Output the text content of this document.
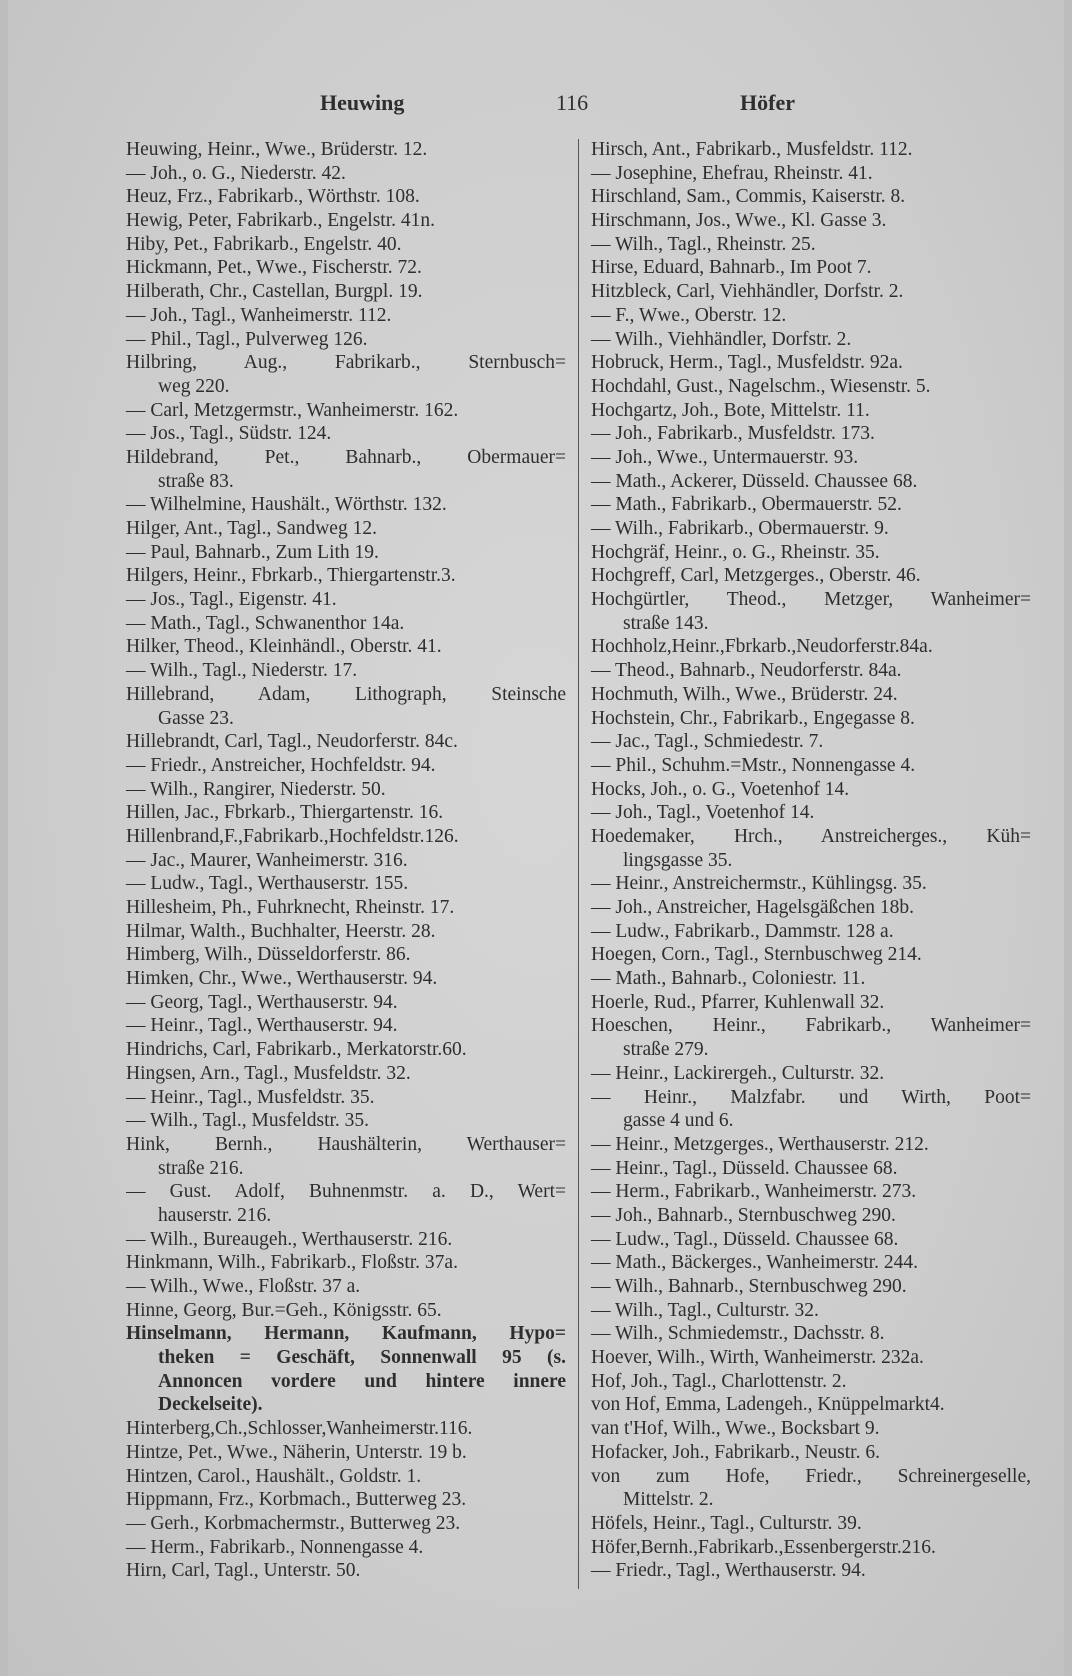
Heuwing	116	Höfer
Heuwing, Heinr., Wwe., Brüderstr. 12.
— Joh., o. G., Niederstr. 42.
Heuz, Frz., Fabrikarb., Wörthstr. 108.
Hewig, Peter, Fabrikarb., Engelstr. 41n.
Hiby, Pet., Fabrikarb., Engelstr. 40.
Hickmann, Pet., Wwe., Fischerstr. 72.
Hilberath, Chr., Castellan, Burgpl. 19.
— Joh., Tagl., Wanheimerstr. 112.
— Phil., Tagl., Pulverweg 126.
Hilbring, Aug., Fabrikarb., Sternbusch=
weg 220.
— Carl, Metzgermstr., Wanheimerstr. 162.
— Jos., Tagl., Südstr. 124.
Hildebrand, Pet., Bahnarb., Obermauer=
straße 83.
— Wilhelmine, Haushält., Wörthstr. 132.
Hilger, Ant., Tagl., Sandweg 12.
— Paul, Bahnarb., Zum Lith 19.
Hilgers, Heinr., Fbrkarb., Thiergartenstr.3.
— Jos., Tagl., Eigenstr. 41.
— Math., Tagl., Schwanenthor 14a.
Hilker, Theod., Kleinhändl., Oberstr. 41.
— Wilh., Tagl., Niederstr. 17.
Hillebrand, Adam, Lithograph, Steinsche
Gasse 23.
Hillebrandt, Carl, Tagl., Neudorferstr. 84c.
— Friedr., Anstreicher, Hochfeldstr. 94.
— Wilh., Rangirer, Niederstr. 50.
Hillen, Jac., Fbrkarb., Thiergartenstr. 16.
Hillenbrand,F.,Fabrikarb.,Hochfeldstr.126.
— Jac., Maurer, Wanheimerstr. 316.
— Ludw., Tagl., Werthauserstr. 155.
Hillesheim, Ph., Fuhrknecht, Rheinstr. 17.
Hilmar, Walth., Buchhalter, Heerstr. 28.
Himberg, Wilh., Düsseldorferstr. 86.
Himken, Chr., Wwe., Werthauserstr. 94.
— Georg, Tagl., Werthauserstr. 94.
— Heinr., Tagl., Werthauserstr. 94.
Hindrichs, Carl, Fabrikarb., Merkatorstr.60.
Hingsen, Arn., Tagl., Musfeldstr. 32.
— Heinr., Tagl., Musfeldstr. 35.
— Wilh., Tagl., Musfeldstr. 35.
Hink, Bernh., Haushälterin, Werthauser=
straße 216.
— Gust. Adolf, Buhnenmstr. a. D., Wert=
hauserstr. 216.
— Wilh., Bureaugeh., Werthauserstr. 216.
Hinkmann, Wilh., Fabrikarb., Floßstr. 37a.
— Wilh., Wwe., Floßstr. 37 a.
Hinne, Georg, Bur.=Geh., Königsstr. 65.
Hinselmann, Hermann, Kaufmann, Hypo=
theken = Geschäft, Sonnenwall 95 (s.
Annoncen vordere und hintere innere
Deckelseite).
Hinterberg,Ch.,Schlosser,Wanheimerstr.116.
Hintze, Pet., Wwe., Näherin, Unterstr. 19 b.
Hintzen, Carol., Haushält., Goldstr. 1.
Hippmann, Frz., Korbmach., Butterweg 23.
— Gerh., Korbmachermstr., Butterweg 23.
— Herm., Fabrikarb., Nonnengasse 4.
Hirn, Carl, Tagl., Unterstr. 50.
Hirsch, Ant., Fabrikarb., Musfeldstr. 112.
— Josephine, Ehefrau, Rheinstr. 41.
Hirschland, Sam., Commis, Kaiserstr. 8.
Hirschmann, Jos., Wwe., Kl. Gasse 3.
— Wilh., Tagl., Rheinstr. 25.
Hirse, Eduard, Bahnarb., Im Poot 7.
Hitzbleck, Carl, Viehhändler, Dorfstr. 2.
— F., Wwe., Oberstr. 12.
— Wilh., Viehhändler, Dorfstr. 2.
Hobruck, Herm., Tagl., Musfeldstr. 92a.
Hochdahl, Gust., Nagelschm., Wiesenstr. 5.
Hochgartz, Joh., Bote, Mittelstr. 11.
— Joh., Fabrikarb., Musfeldstr. 173.
— Joh., Wwe., Untermauerstr. 93.
— Math., Ackerer, Düsseld. Chaussee 68.
— Math., Fabrikarb., Obermauerstr. 52.
— Wilh., Fabrikarb., Obermauerstr. 9.
Hochgräf, Heinr., o. G., Rheinstr. 35.
Hochgreff, Carl, Metzgerges., Oberstr. 46.
Hochgürtler, Theod., Metzger, Wanheimer=
straße 143.
Hochholz,Heinr.,Fbrkarb.,Neudorferstr.84a.
— Theod., Bahnarb., Neudorferstr. 84a.
Hochmuth, Wilh., Wwe., Brüderstr. 24.
Hochstein, Chr., Fabrikarb., Engegasse 8.
— Jac., Tagl., Schmiedestr. 7.
— Phil., Schuhm.=Mstr., Nonnengasse 4.
Hocks, Joh., o. G., Voetenhof 14.
— Joh., Tagl., Voetenhof 14.
Hoedemaker, Hrch., Anstreicherges., Küh=
lingsgasse 35.
— Heinr., Anstreichermstr., Kühlingsg. 35.
— Joh., Anstreicher, Hagelsgäßchen 18b.
— Ludw., Fabrikarb., Dammstr. 128 a.
Hoegen, Corn., Tagl., Sternbuschweg 214.
— Math., Bahnarb., Coloniestr. 11.
Hoerle, Rud., Pfarrer, Kuhlenwall 32.
Hoeschen, Heinr., Fabrikarb., Wanheimer=
straße 279.
— Heinr., Lackirergeh., Culturstr. 32.
— Heinr., Malzfabr. und Wirth, Poot=
gasse 4 und 6.
— Heinr., Metzgerges., Werthauserstr. 212.
— Heinr., Tagl., Düsseld. Chaussee 68.
— Herm., Fabrikarb., Wanheimerstr. 273.
— Joh., Bahnarb., Sternbuschweg 290.
— Ludw., Tagl., Düsseld. Chaussee 68.
— Math., Bäckerges., Wanheimerstr. 244.
— Wilh., Bahnarb., Sternbuschweg 290.
— Wilh., Tagl., Culturstr. 32.
— Wilh., Schmiedemstr., Dachsstr. 8.
Hoever, Wilh., Wirth, Wanheimerstr. 232a.
Hof, Joh., Tagl., Charlottenstr. 2.
von Hof, Emma, Ladengeh., Knüppelmarkt4.
van t'Hof, Wilh., Wwe., Bocksbart 9.
Hofacker, Joh., Fabrikarb., Neustr. 6.
von zum Hofe, Friedr., Schreinergeselle,
Mittelstr. 2.
Höfels, Heinr., Tagl., Culturstr. 39.
Höfer,Bernh.,Fabrikarb.,Essenbergerstr.216.
— Friedr., Tagl., Werthauserstr. 94.
